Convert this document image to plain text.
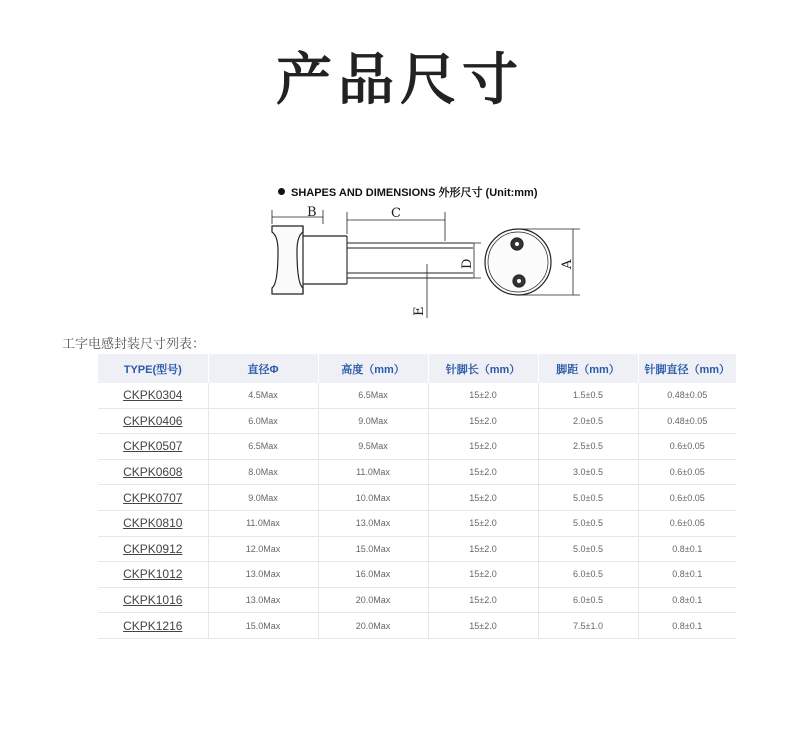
产品尺寸
SHAPES AND DIMENSIONS 外形尺寸 (Unit:mm)
B	C
D
E
A
工字电感封装尺寸列表：
TYPE(型号)	直径Φ	高度（mm）	针脚长（mm）	脚距（mm）	针脚直径（mm）
CKPK0304	4.5Max	6.5Max	15±2.0	1.5±0.5	0.48±0.05
CKPK0406	6.0Max	9.0Max	15±2.0	2.0±0.5	0.48±0.05
CKPK0507	6.5Max	9.5Max	15±2.0	2.5±0.5	0.6±0.05
CKPK0608	8.0Max	11.0Max	15±2.0	3.0±0.5	0.6±0.05
CKPK0707	9.0Max	10.0Max	15±2.0	5.0±0.5	0.6±0.05
CKPK0810	11.0Max	13.0Max	15±2.0	5.0±0.5	0.6±0.05
CKPK0912	12.0Max	15.0Max	15±2.0	5.0±0.5	0.8±0.1
CKPK1012	13.0Max	16.0Max	15±2.0	6.0±0.5	0.8±0.1
CKPK1016	13.0Max	20.0Max	15±2.0	6.0±0.5	0.8±0.1
CKPK1216	15.0Max	20.0Max	15±2.0	7.5±1.0	0.8±0.1
